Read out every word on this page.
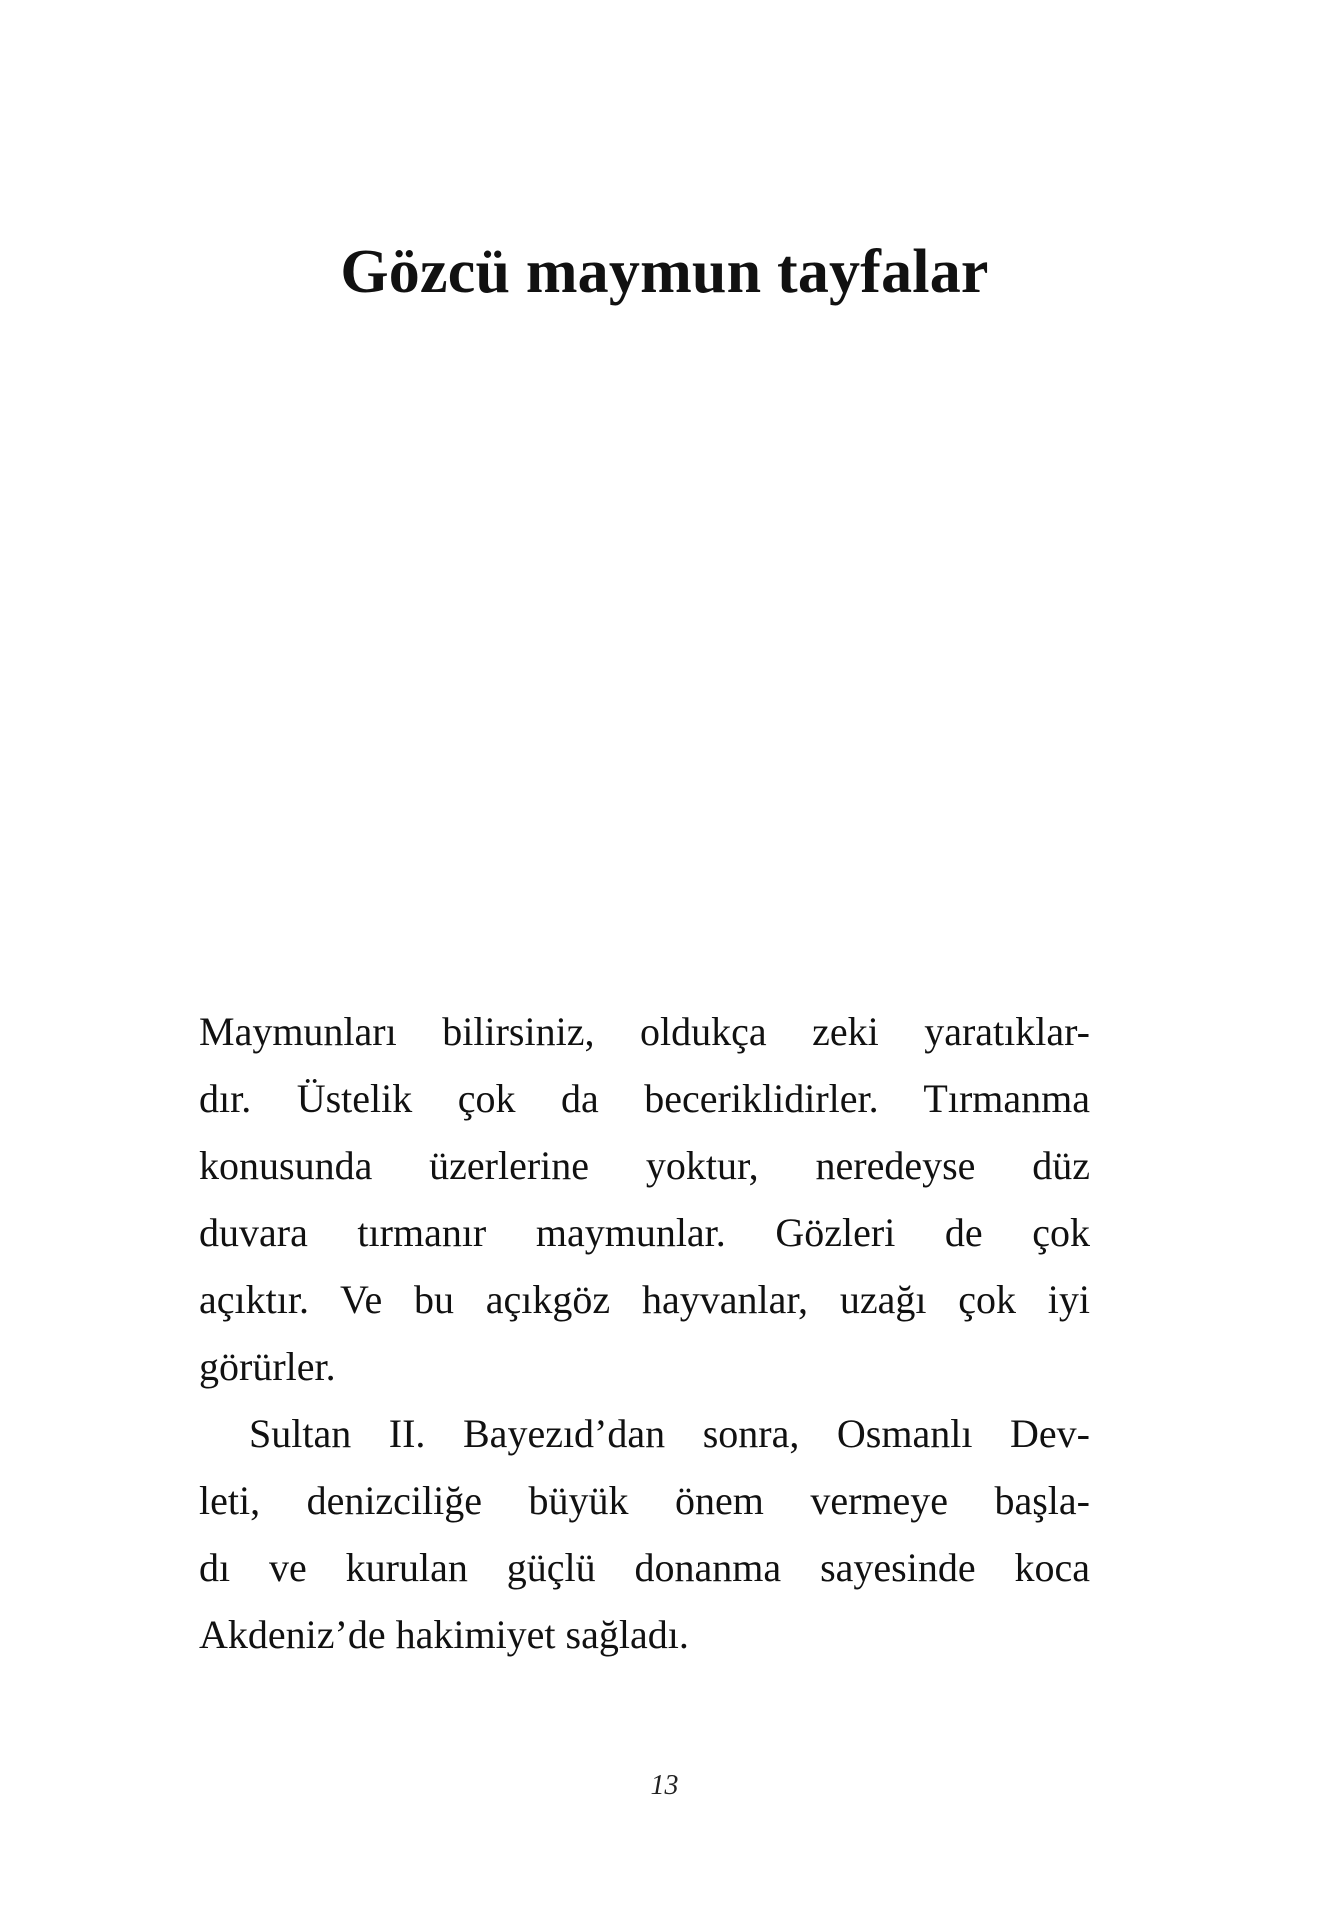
Gözcü maymun tayfalar
Maymunları bilirsiniz, oldukça zeki yaratıklar-
dır. Üstelik çok da beceriklidirler. Tırmanma
konusunda üzerlerine yoktur, neredeyse düz
duvara tırmanır maymunlar. Gözleri de çok
açıktır. Ve bu açıkgöz hayvanlar, uzağı çok iyi
görürler.
Sultan II. Bayezıd’dan sonra, Osmanlı Dev-
leti, denizciliğe büyük önem vermeye başla-
dı ve kurulan güçlü donanma sayesinde koca
Akdeniz’de hakimiyet sağladı.
13
